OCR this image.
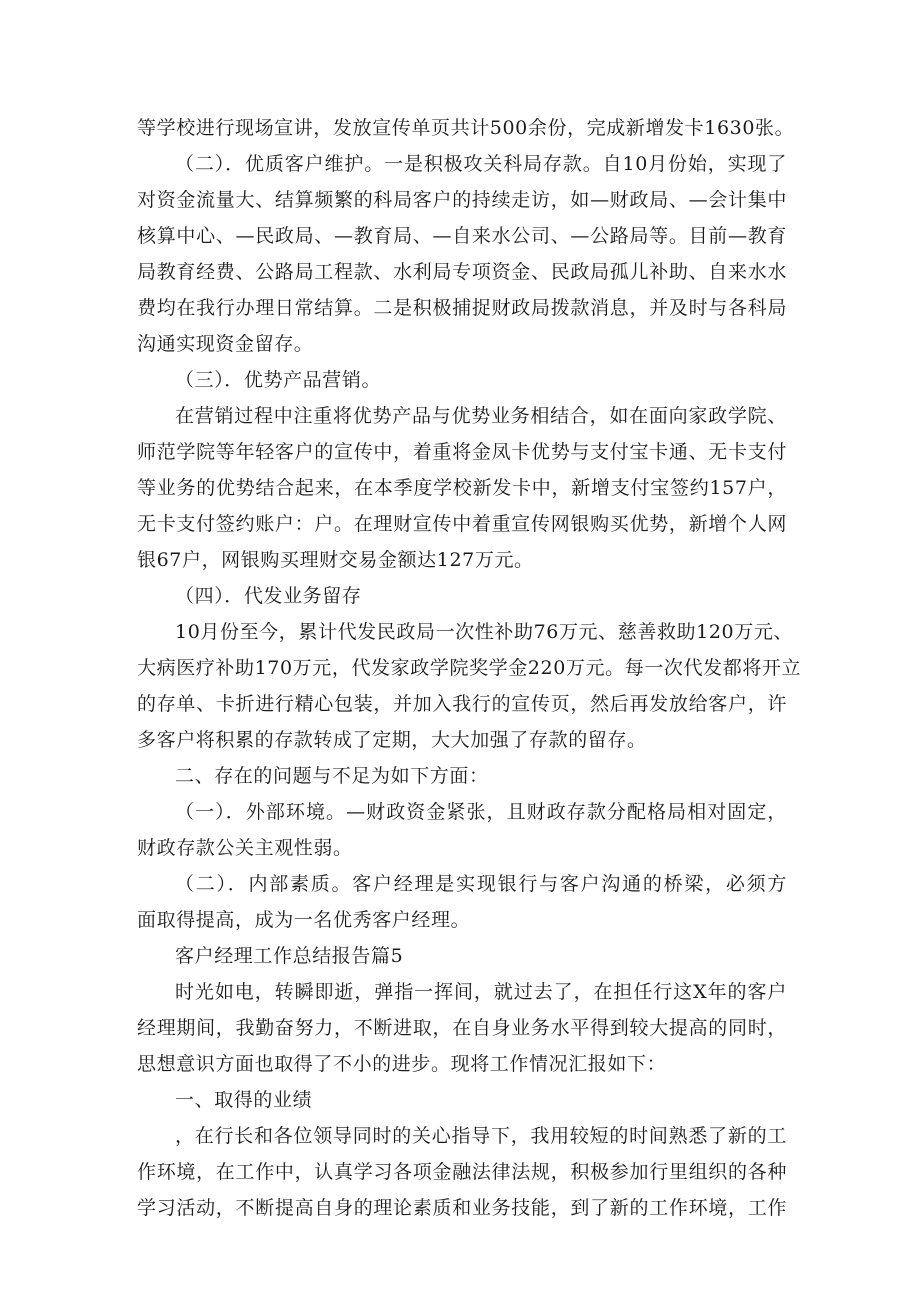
等学校进行现场宣讲，发放宣传单页共计500余份，完成新增发卡1630张。
（二）．优质客户维护。一是积极攻关科局存款。自10月份始，实现了
对资金流量大、结算频繁的科局客户的持续走访，如—财政局、—会计集中
核算中心、—民政局、—教育局、—自来水公司、—公路局等。目前—教育
局教育经费、公路局工程款、水利局专项资金、民政局孤儿补助、自来水水
费均在我行办理日常结算。二是积极捕捉财政局拨款消息，并及时与各科局
沟通实现资金留存。
（三）．优势产品营销。
在营销过程中注重将优势产品与优势业务相结合，如在面向家政学院、
师范学院等年轻客户的宣传中，着重将金凤卡优势与支付宝卡通、无卡支付
等业务的优势结合起来，在本季度学校新发卡中，新增支付宝签约157户，
无卡支付签约账户：户。在理财宣传中着重宣传网银购买优势，新增个人网
银67户，网银购买理财交易金额达127万元。
（四）．代发业务留存
10月份至今，累计代发民政局一次性补助76万元、慈善救助120万元、
大病医疗补助170万元，代发家政学院奖学金220万元。每一次代发都将开立
的存单、卡折进行精心包装，并加入我行的宣传页，然后再发放给客户，许
多客户将积累的存款转成了定期，大大加强了存款的留存。
二、存在的问题与不足为如下方面：
（一）．外部环境。—财政资金紧张，且财政存款分配格局相对固定，
财政存款公关主观性弱。
（二）．内部素质。客户经理是实现银行与客户沟通的桥梁，必须方
面取得提高，成为一名优秀客户经理。
客户经理工作总结报告篇5
时光如电，转瞬即逝，弹指一挥间，就过去了，在担任行这X年的客户
经理期间，我勤奋努力，不断进取，在自身业务水平得到较大提高的同时，
思想意识方面也取得了不小的进步。现将工作情况汇报如下：
一、取得的业绩
，在行长和各位领导同时的关心指导下，我用较短的时间熟悉了新的工
作环境，在工作中，认真学习各项金融法律法规，积极参加行里组织的各种
学习活动，不断提高自身的理论素质和业务技能，到了新的工作环境，工作
